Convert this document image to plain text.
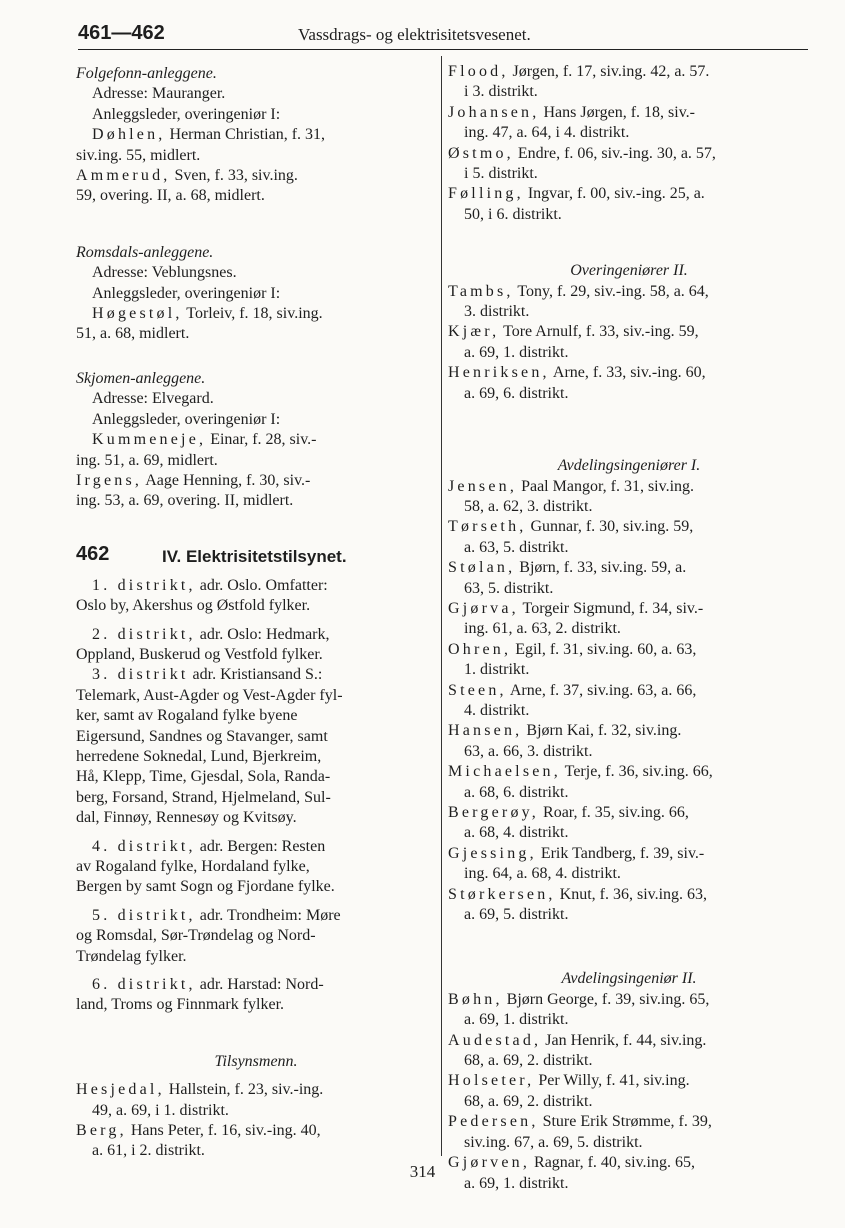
461—462	Vassdrags- og elektrisitetsvesenet.
Folgefonn-anleggene.
Adresse: Mauranger.
Anleggsleder, overingeniør I:
Døhlen, Herman Christian, f. 31,
siv.ing. 55, midlert.
Ammerud, Sven, f. 33, siv.ing.
59, overing. II, a. 68, midlert.
Romsdals-anleggene.
Adresse: Veblungsnes.
Anleggsleder, overingeniør I:
Høgestøl, Torleiv, f. 18, siv.ing.
51, a. 68, midlert.
Skjomen-anleggene.
Adresse: Elvegard.
Anleggsleder, overingeniør I:
Kummeneje, Einar, f. 28, siv.-
ing. 51, a. 69, midlert.
Irgens, Aage Henning, f. 30, siv.-
ing. 53, a. 69, overing. II, midlert.
462	IV. Elektrisitetstilsynet.
1. distrikt, adr. Oslo. Omfatter:
Oslo by, Akershus og Østfold fylker.
2. distrikt, adr. Oslo: Hedmark,
Oppland, Buskerud og Vestfold fylker.
3. distrikt adr. Kristiansand S.:
Telemark, Aust-Agder og Vest-Agder fyl-
ker, samt av Rogaland fylke byene
Eigersund, Sandnes og Stavanger, samt
herredene Soknedal, Lund, Bjerkreim,
Hå, Klepp, Time, Gjesdal, Sola, Randa-
berg, Forsand, Strand, Hjelmeland, Sul-
dal, Finnøy, Rennesøy og Kvitsøy.
4. distrikt, adr. Bergen: Resten
av Rogaland fylke, Hordaland fylke,
Bergen by samt Sogn og Fjordane fylke.
5. distrikt, adr. Trondheim: Møre
og Romsdal, Sør-Trøndelag og Nord-
Trøndelag fylker.
6. distrikt, adr. Harstad: Nord-
land, Troms og Finnmark fylker.
Tilsynsmenn.
Hesjedal, Hallstein, f. 23, siv.-ing.
49, a. 69, i 1. distrikt.
Berg, Hans Peter, f. 16, siv.-ing. 40,
a. 61, i 2. distrikt.
Flood, Jørgen, f. 17, siv.ing. 42, a. 57.
i 3. distrikt.
Johansen, Hans Jørgen, f. 18, siv.-
ing. 47, a. 64, i 4. distrikt.
Østmo, Endre, f. 06, siv.-ing. 30, a. 57,
i 5. distrikt.
Følling, Ingvar, f. 00, siv.-ing. 25, a.
50, i 6. distrikt.
Overingeniører II.
Tambs, Tony, f. 29, siv.-ing. 58, a. 64,
3. distrikt.
Kjær, Tore Arnulf, f. 33, siv.-ing. 59,
a. 69, 1. distrikt.
Henriksen, Arne, f. 33, siv.-ing. 60,
a. 69, 6. distrikt.
Avdelingsingeniører I.
Jensen, Paal Mangor, f. 31, siv.ing.
58, a. 62, 3. distrikt.
Tørseth, Gunnar, f. 30, siv.ing. 59,
a. 63, 5. distrikt.
Stølan, Bjørn, f. 33, siv.ing. 59, a.
63, 5. distrikt.
Gjørva, Torgeir Sigmund, f. 34, siv.-
ing. 61, a. 63, 2. distrikt.
Ohren, Egil, f. 31, siv.ing. 60, a. 63,
1. distrikt.
Steen, Arne, f. 37, siv.ing. 63, a. 66,
4. distrikt.
Hansen, Bjørn Kai, f. 32, siv.ing.
63, a. 66, 3. distrikt.
Michaelsen, Terje, f. 36, siv.ing. 66,
a. 68, 6. distrikt.
Bergerøy, Roar, f. 35, siv.ing. 66,
a. 68, 4. distrikt.
Gjessing, Erik Tandberg, f. 39, siv.-
ing. 64, a. 68, 4. distrikt.
Størkersen, Knut, f. 36, siv.ing. 63,
a. 69, 5. distrikt.
Avdelingsingeniør II.
Bøhn, Bjørn George, f. 39, siv.ing. 65,
a. 69, 1. distrikt.
Audestad, Jan Henrik, f. 44, siv.ing.
68, a. 69, 2. distrikt.
Holseter, Per Willy, f. 41, siv.ing.
68, a. 69, 2. distrikt.
Pedersen, Sture Erik Strømme, f. 39,
siv.ing. 67, a. 69, 5. distrikt.
Gjørven, Ragnar, f. 40, siv.ing. 65,
a. 69, 1. distrikt.
314
